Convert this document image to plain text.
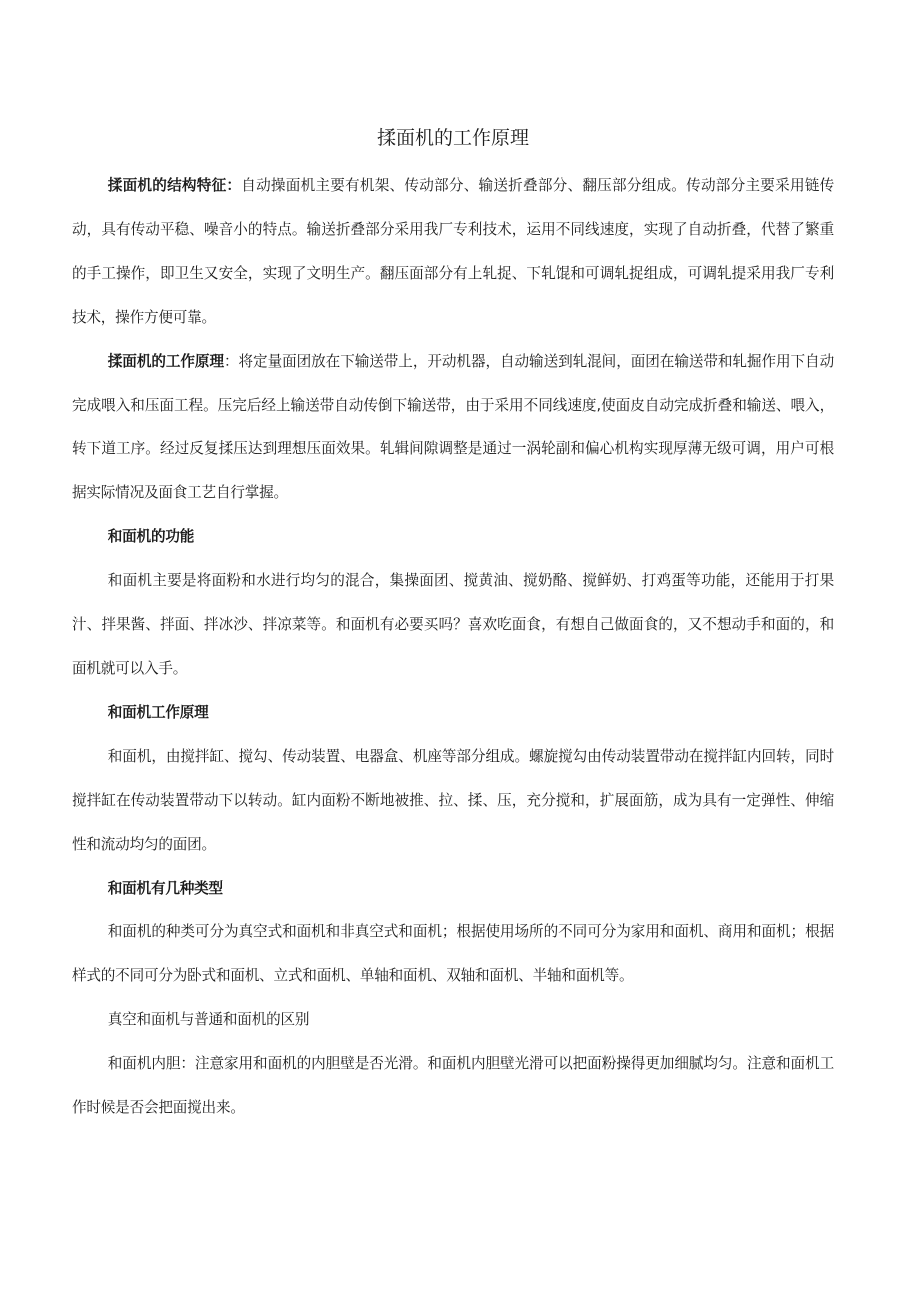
揉面机的工作原理

揉面机的结构特征：自动操面机主要有机架、传动部分、输送折叠部分、翻压部分组成。传动部分主要采用链传动，具有传动平稳、噪音小的特点。输送折叠部分采用我厂专利技术，运用不同线速度，实现了自动折叠，代替了繁重的手工操作，即卫生又安全，实现了文明生产。翻压面部分有上轧捉、下轧馄和可调轧捉组成，可调轧提采用我厂专利技术，操作方便可靠。

揉面机的工作原理：将定量面团放在下输送带上，开动机器，自动输送到轧混间，面团在输送带和轧掘作用下自动完成喂入和压面工程。压完后经上输送带自动传倒下输送带，由于采用不同线速度,使面皮自动完成折叠和输送、喂入，转下道工序。经过反复揉压达到理想压面效果。轧辑间隙调整是通过一涡轮副和偏心机构实现厚薄无级可调，用户可根据实际情况及面食工艺自行掌握。

和面机的功能

和面机主要是将面粉和水进行均匀的混合，集操面团、搅黄油、搅奶酪、搅鲜奶、打鸡蛋等功能，还能用于打果汁、拌果酱、拌面、拌冰沙、拌凉菜等。和面机有必要买吗？喜欢吃面食，有想自己做面食的，又不想动手和面的，和面机就可以入手。

和面机工作原理

和面机，由搅拌缸、搅勾、传动装置、电器盒、机座等部分组成。螺旋搅勾由传动装置带动在搅拌缸内回转，同时搅拌缸在传动装置带动下以转动。缸内面粉不断地被推、拉、揉、压，充分搅和，扩展面筋，成为具有一定弹性、伸缩性和流动均匀的面团。

和面机有几种类型

和面机的种类可分为真空式和面机和非真空式和面机；根据使用场所的不同可分为家用和面机、商用和面机；根据样式的不同可分为卧式和面机、立式和面机、单轴和面机、双轴和面机、半轴和面机等。

真空和面机与普通和面机的区别

和面机内胆：注意家用和面机的内胆壁是否光滑。和面机内胆壁光滑可以把面粉操得更加细腻均匀。注意和面机工作时候是否会把面搅出来。
